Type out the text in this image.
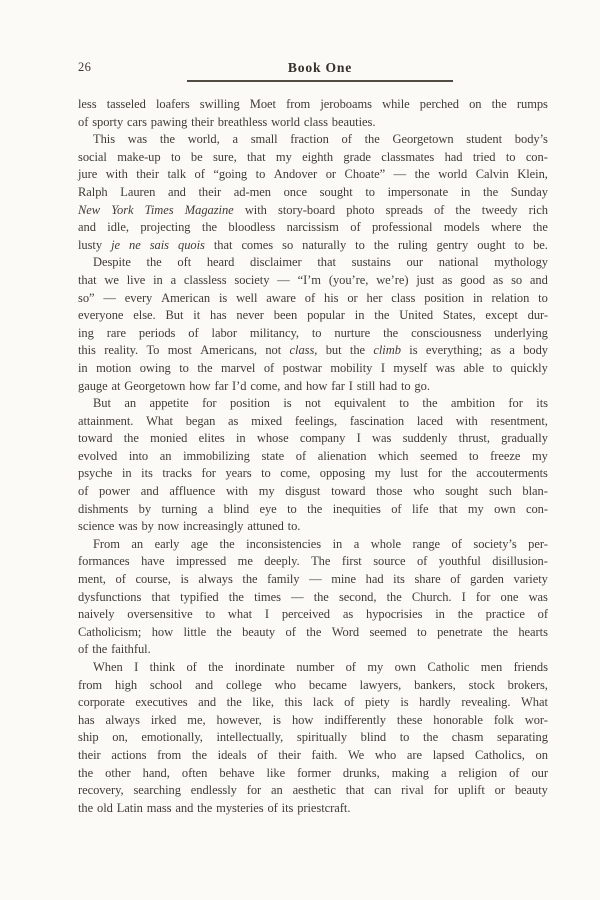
26	Book One
less tasseled loafers swilling Moet from jeroboams while perched on the rumps
of sporty cars pawing their breathless world class beauties.
This was the world, a small fraction of the Georgetown student body’s
social make-up to be sure, that my eighth grade classmates had tried to con-
jure with their talk of “going to Andover or Choate” — the world Calvin Klein,
Ralph Lauren and their ad-men once sought to impersonate in the Sunday
New York Times Magazine with story-board photo spreads of the tweedy rich
and idle, projecting the bloodless narcissism of professional models where the
lusty je ne sais quois that comes so naturally to the ruling gentry ought to be.
Despite the oft heard disclaimer that sustains our national mythology
that we live in a classless society — “I’m (you’re, we’re) just as good as so and
so” — every American is well aware of his or her class position in relation to
everyone else. But it has never been popular in the United States, except dur-
ing rare periods of labor militancy, to nurture the consciousness underlying
this reality. To most Americans, not class, but the climb is everything; as a body
in motion owing to the marvel of postwar mobility I myself was able to quickly
gauge at Georgetown how far I’d come, and how far I still had to go.
But an appetite for position is not equivalent to the ambition for its
attainment. What began as mixed feelings, fascination laced with resentment,
toward the monied elites in whose company I was suddenly thrust, gradually
evolved into an immobilizing state of alienation which seemed to freeze my
psyche in its tracks for years to come, opposing my lust for the accouterments
of power and affluence with my disgust toward those who sought such blan-
dishments by turning a blind eye to the inequities of life that my own con-
science was by now increasingly attuned to.
From an early age the inconsistencies in a whole range of society’s per-
formances have impressed me deeply. The first source of youthful disillusion-
ment, of course, is always the family — mine had its share of garden variety
dysfunctions that typified the times — the second, the Church. I for one was
naively oversensitive to what I perceived as hypocrisies in the practice of
Catholicism; how little the beauty of the Word seemed to penetrate the hearts
of the faithful.
When I think of the inordinate number of my own Catholic men friends
from high school and college who became lawyers, bankers, stock brokers,
corporate executives and the like, this lack of piety is hardly revealing. What
has always irked me, however, is how indifferently these honorable folk wor-
ship on, emotionally, intellectually, spiritually blind to the chasm separating
their actions from the ideals of their faith. We who are lapsed Catholics, on
the other hand, often behave like former drunks, making a religion of our
recovery, searching endlessly for an aesthetic that can rival for uplift or beauty
the old Latin mass and the mysteries of its priestcraft.
